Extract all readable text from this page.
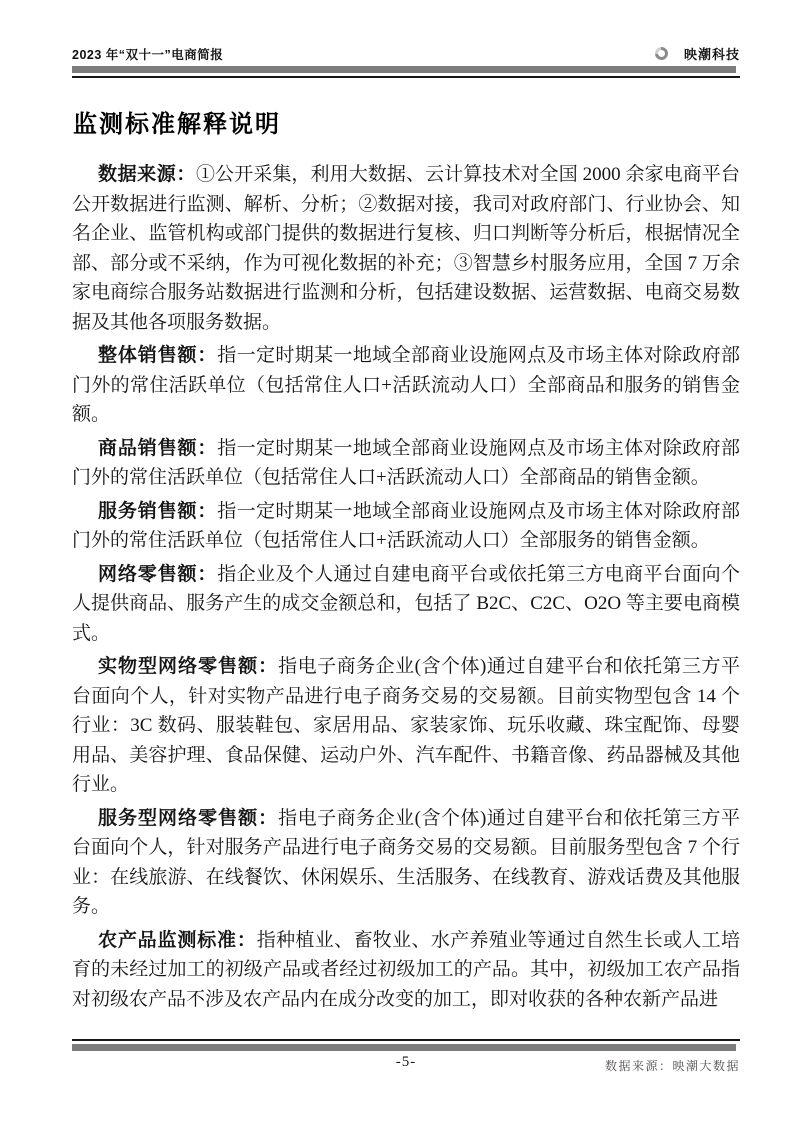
2023 年“双十一”电商简报	映潮科技
监测标准解释说明

数据来源：①公开采集，利用大数据、云计算技术对全国 2000 余家电商平台公开数据进行监测、解析、分析；②数据对接，我司对政府部门、行业协会、知名企业、监管机构或部门提供的数据进行复核、归口判断等分析后，根据情况全部、部分或不采纳，作为可视化数据的补充；③智慧乡村服务应用，全国 7 万余家电商综合服务站数据进行监测和分析，包括建设数据、运营数据、电商交易数据及其他各项服务数据。

整体销售额：指一定时期某一地域全部商业设施网点及市场主体对除政府部门外的常住活跃单位（包括常住人口+活跃流动人口）全部商品和服务的销售金额。

商品销售额：指一定时期某一地域全部商业设施网点及市场主体对除政府部门外的常住活跃单位（包括常住人口+活跃流动人口）全部商品的销售金额。

服务销售额：指一定时期某一地域全部商业设施网点及市场主体对除政府部门外的常住活跃单位（包括常住人口+活跃流动人口）全部服务的销售金额。

网络零售额：指企业及个人通过自建电商平台或依托第三方电商平台面向个人提供商品、服务产生的成交金额总和，包括了 B2C、C2C、O2O 等主要电商模式。

实物型网络零售额：指电子商务企业(含个体)通过自建平台和依托第三方平台面向个人，针对实物产品进行电子商务交易的交易额。目前实物型包含 14 个行业：3C 数码、服装鞋包、家居用品、家装家饰、玩乐收藏、珠宝配饰、母婴用品、美容护理、食品保健、运动户外、汽车配件、书籍音像、药品器械及其他行业。

服务型网络零售额：指电子商务企业(含个体)通过自建平台和依托第三方平台面向个人，针对服务产品进行电子商务交易的交易额。目前服务型包含 7 个行业：在线旅游、在线餐饮、休闲娱乐、生活服务、在线教育、游戏话费及其他服务。

农产品监测标准：指种植业、畜牧业、水产养殖业等通过自然生长或人工培育的未经过加工的初级产品或者经过初级加工的产品。其中，初级加工农产品指对初级农产品不涉及农产品内在成分改变的加工，即对收获的各种农新产品进

-5-	数据来源：映潮大数据
